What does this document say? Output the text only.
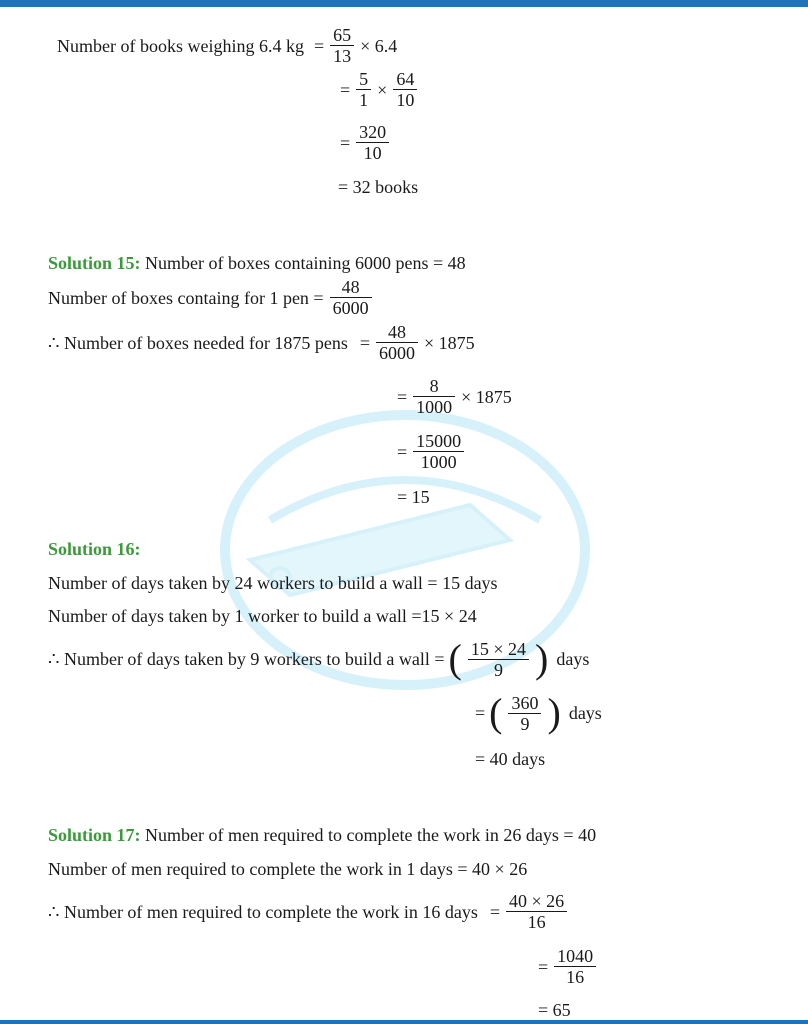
Number of books weighing 6.4 kg = $\frac{65}{13} \times 6.4$
= $\frac{5}{1} \times \frac{64}{10}$
= $\frac{320}{10}$
= 32 books
Solution 15: Number of boxes containing 6000 pens = 48
Number of boxes containg for 1 pen = $\frac{48}{6000}$
∴ Number of boxes needed for 1875 pens = $\frac{48}{6000} \times 1875$
= $\frac{8}{1000} \times 1875$
= $\frac{15000}{1000}$
= 15
Solution 16:
Number of days taken by 24 workers to build a wall = 15 days
Number of days taken by 1 worker to build a wall =15 × 24
∴ Number of days taken by 9 workers to build a wall = ( $\frac{15 \times 24}{9}$ ) days
= ( $\frac{360}{9}$ ) days
= 40 days
Solution 17: Number of men required to complete the work in 26 days = 40
Number of men required to complete the work in 1 days = 40 × 26
∴ Number of men required to complete the work in 16 days = $\frac{40 \times 26}{16}$
= $\frac{1040}{16}$
= 65
